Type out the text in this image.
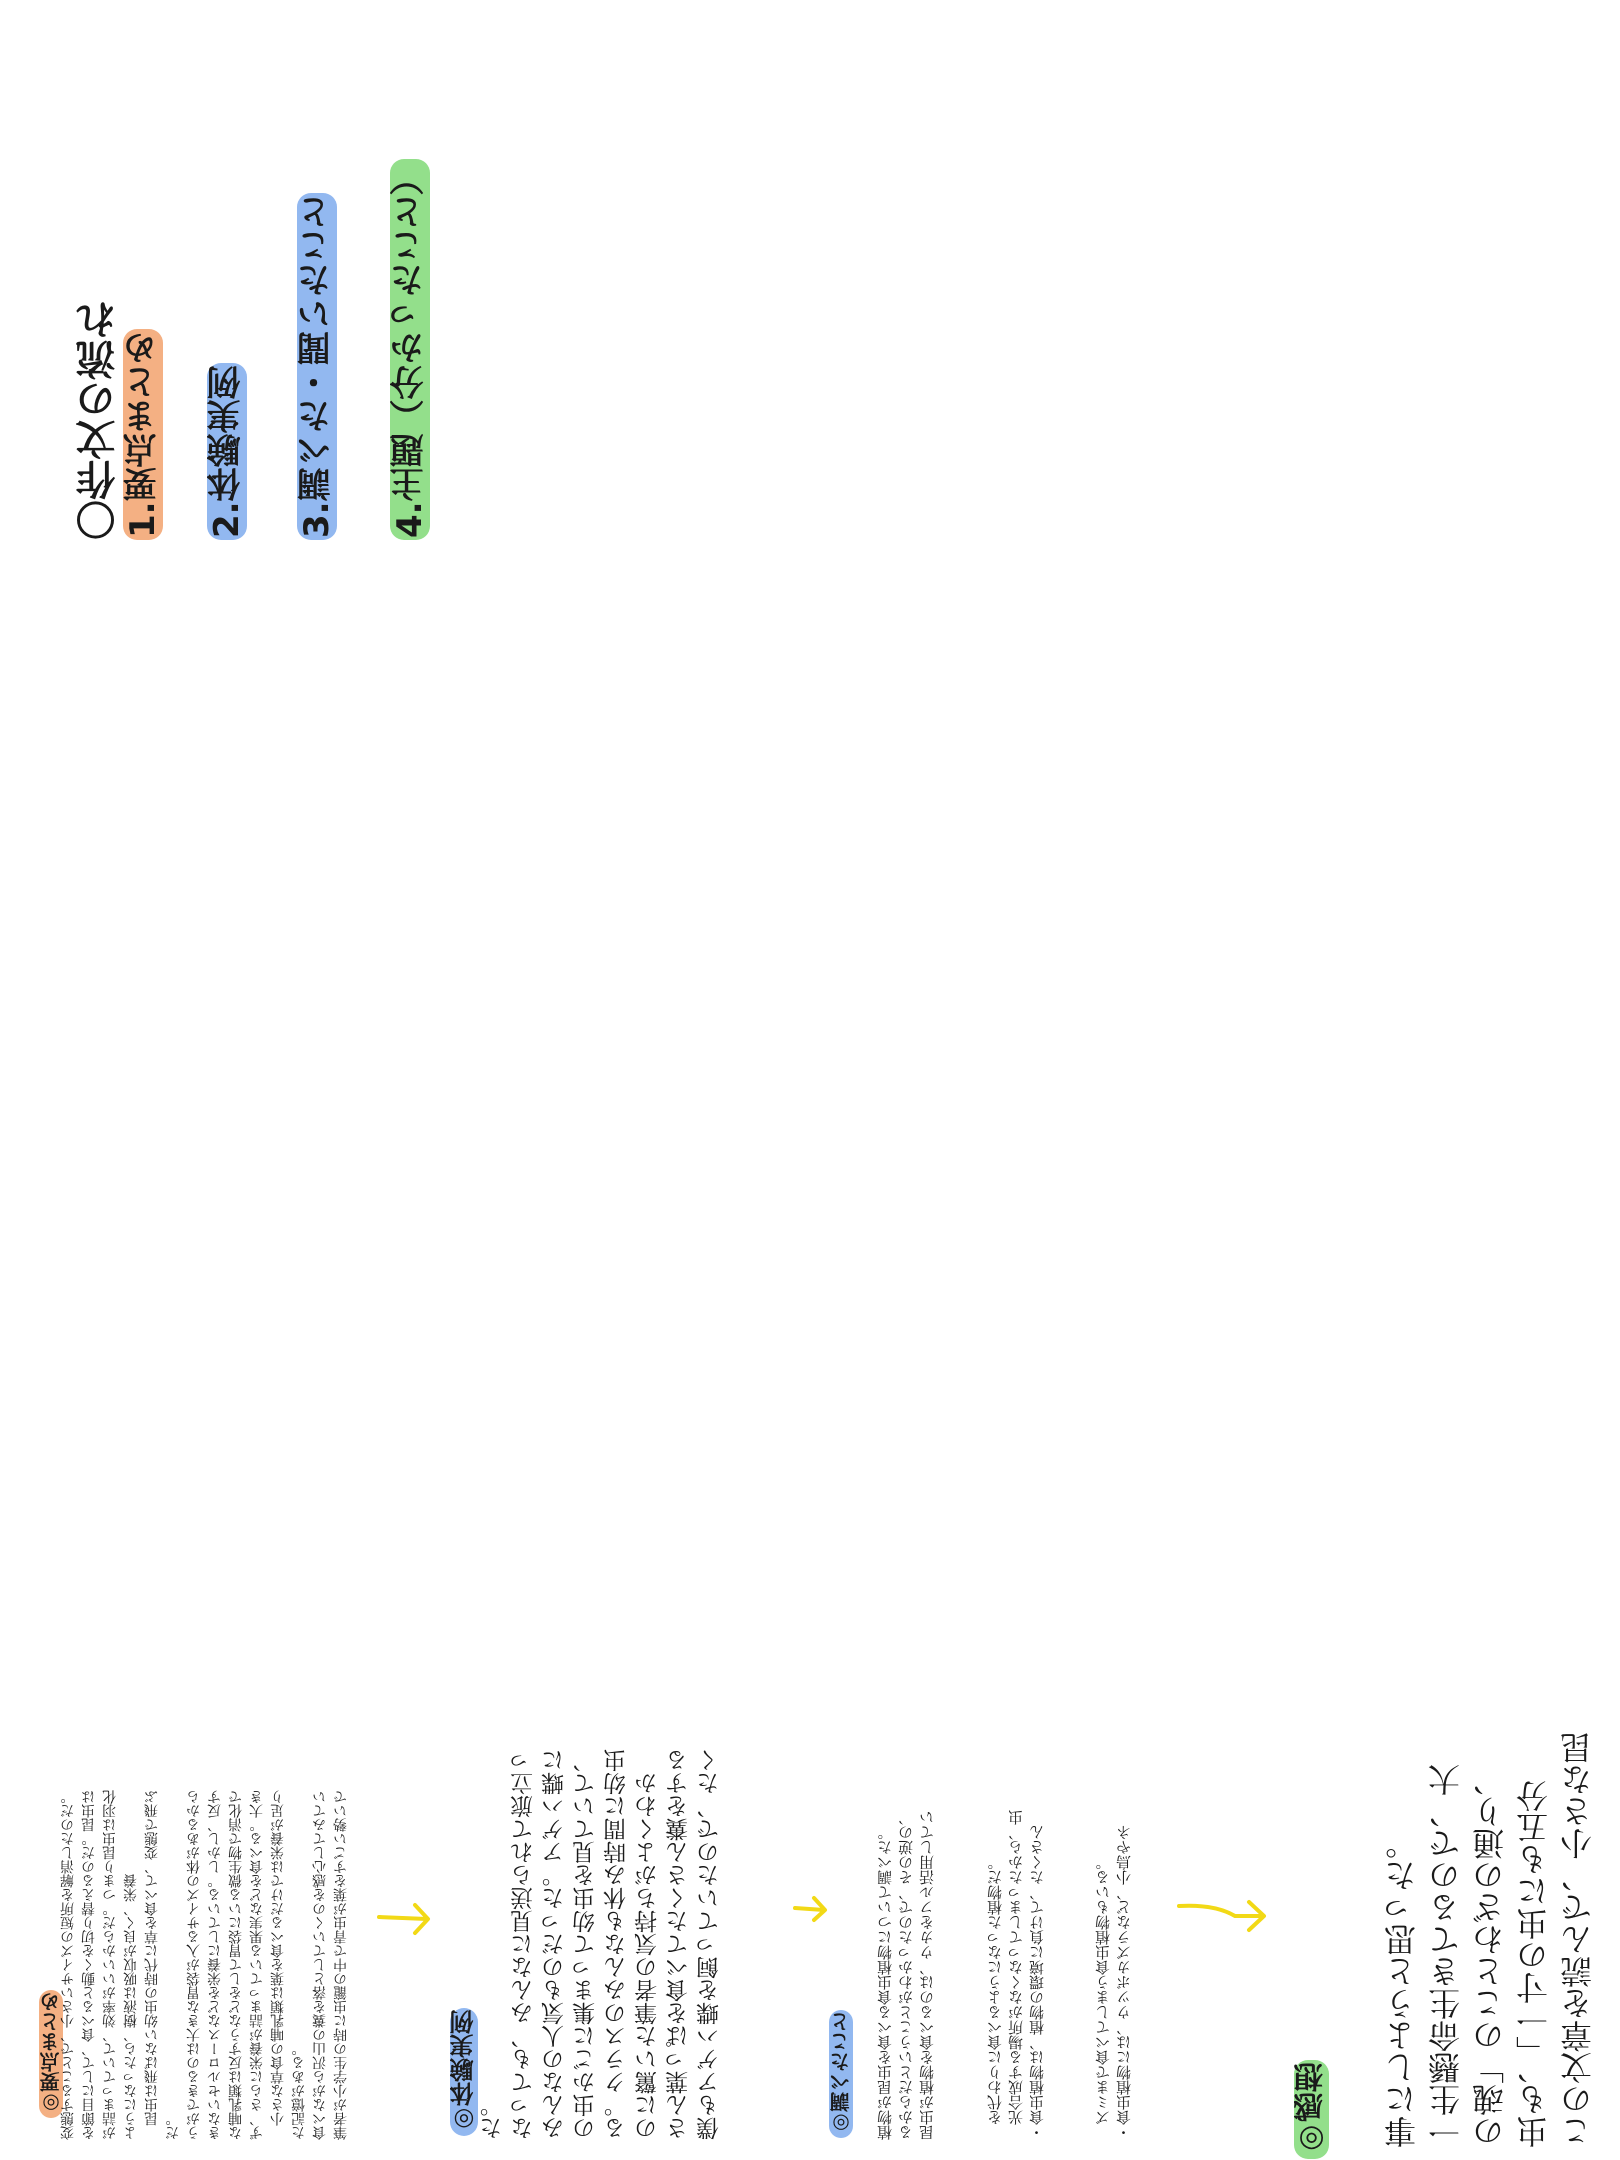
〇作文の流れ 1.要点まとめ 2.体験実例 3.調べた・聞いたこと 4.主題（分かったこと）
◎要点まとめ	筆者が小学生の時に虫籠の中で青虫が葉をすごい勢いで
食べながら沢山の糞を落としていくのを感心してみてい
た記憶がある。
　小さな草食の哺乳類は葉を食べるだけでは栄養が足り
ず、さらに栄養が詰まっている果実などを食べる。大き
な哺乳類は反すうなどをして胃袋にいる微生物で消化で
きないセルロースなどを栄養にしている。しかし、反す
うができるのは大きな胃袋が入るサイズの体があるから
だ。
　昆虫は飛ばない幼虫の時代に草を食べて、変態で飛ぶ
ようになったら、樹液は吸収が良く、栄養
が詰まっていて、効率がいいからだ。つまり昆虫は羽化
を節目にして、食べると動くを切り替えるのだ。昆虫は
変態することで、小さいサイズの短所を解消したのだ。	◎体験実例	僕もアゲハ蝶を飼っていたので、たく
さん葉っぱを食べてたくさん糞をする
のに驚いた筆者の気持ちがよくわか
る。クラスのみんなも休み時間に幼虫
の虫かごに集まって幼虫を見ていて、
みんなの人気ものだった。アゲハ蝶に
なっても、みんなに見送られて旅立っ
た。	◎調べたこと	昆虫が植物を食べるのは、ウカをフル活用してい
るからだということがわかったので、その逆の、
植物が昆虫を食べる食虫植物について調べた。	・食虫植物は、植物の環境に負けて、たくさん
　光合成する場所がなくなってしまったから、虫
　を代わりに食べるようになった植物だ。	・食虫植物には、ウツボカズラなど、小鳥やネ
　ズミまで食べてしまう食虫植物もいる。	◎感想	この文章を読んで、小さな昆
虫も、「一寸の虫にも五分
の魂」のことわざの通り、
一生懸命生きてるので、大
事にしようと思った。
